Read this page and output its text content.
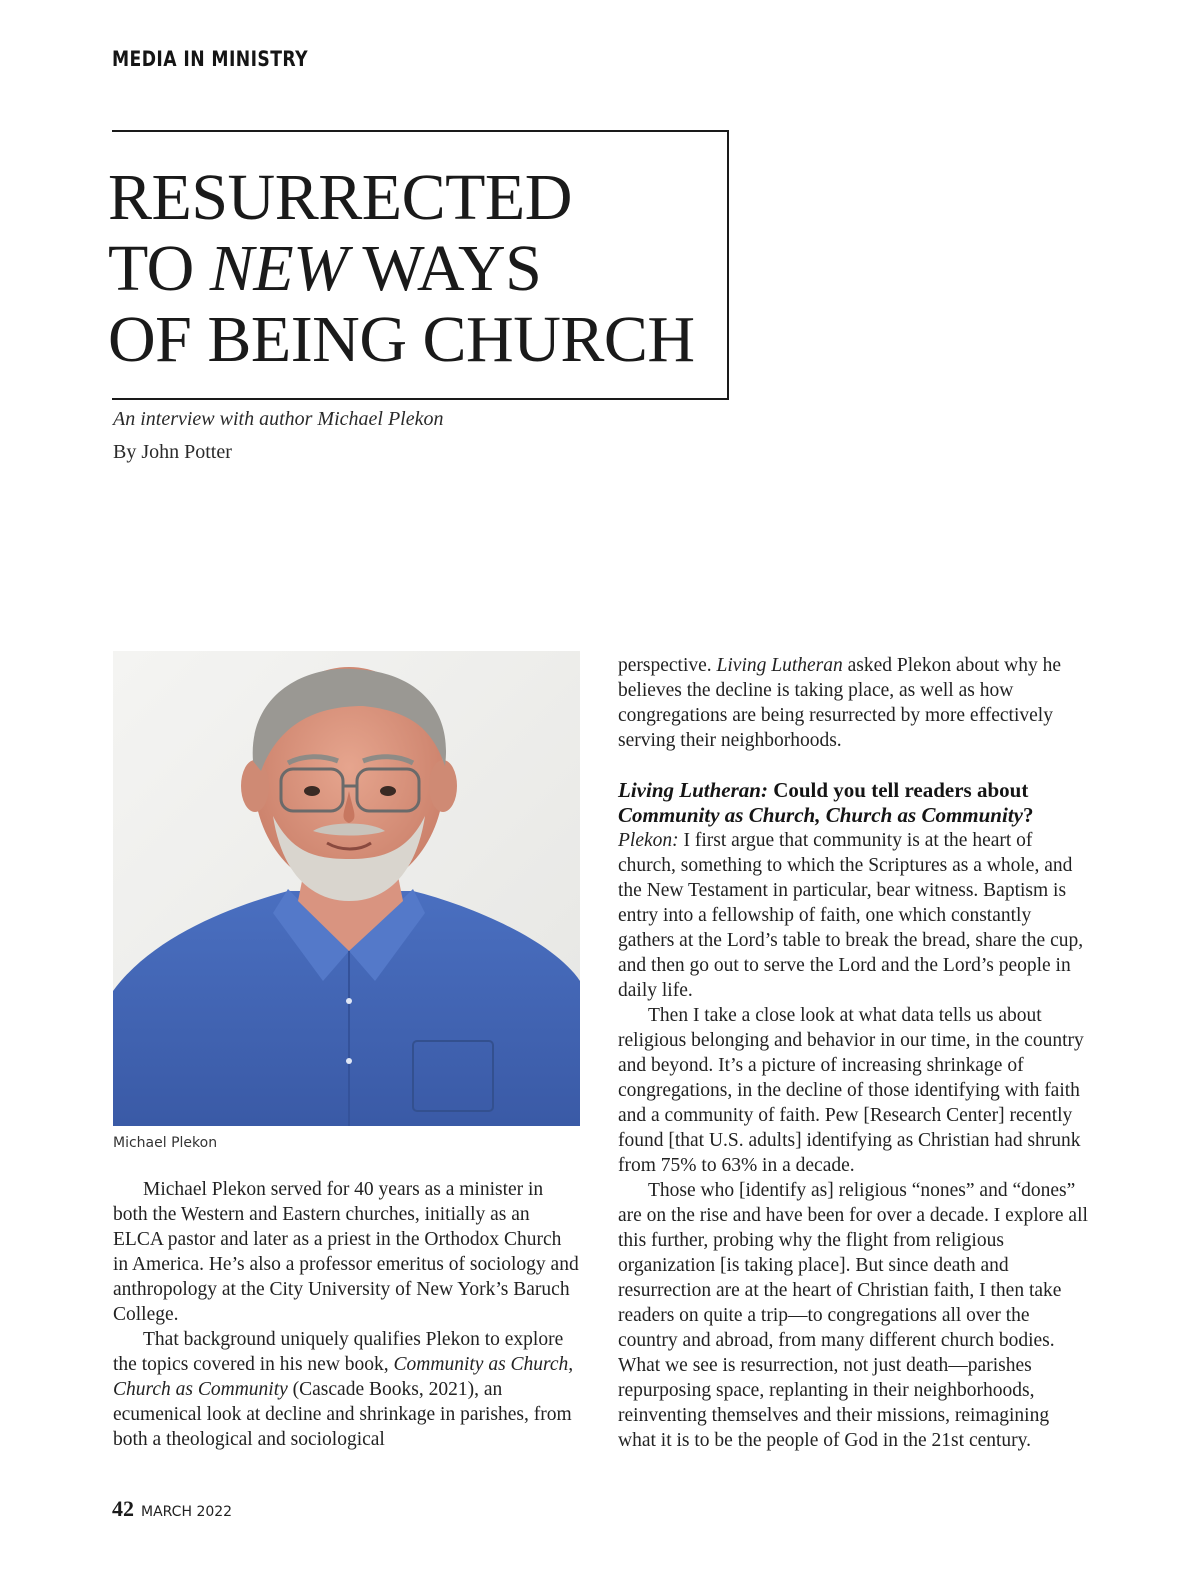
MEDIA IN MINISTRY
RESURRECTED
TO NEW WAYS
OF BEING CHURCH
An interview with author Michael Plekon
By John Potter
Michael Plekon

Michael Plekon served for 40 years as a minister in both the Western and Eastern churches, initially as an ELCA pastor and later as a priest in the Orthodox Church in America. He’s also a professor emeritus of sociology and anthropology at the City University of New York’s Baruch College.

That background uniquely qualifies Plekon to explore the topics covered in his new book, Community as Church, Church as Community (Cascade Books, 2021), an ecumenical look at decline and shrinkage in parishes, from both a theological and sociological

perspective. Living Lutheran asked Plekon about why he believes the decline is taking place, as well as how congregations are being resurrected by more effectively serving their neighborhoods.

Living Lutheran: Could you tell readers about Community as Church, Church as Community?

Plekon: I first argue that community is at the heart of church, something to which the Scriptures as a whole, and the New Testament in particular, bear witness. Baptism is entry into a fellowship of faith, one which constantly gathers at the Lord’s table to break the bread, share the cup, and then go out to serve the Lord and the Lord’s people in daily life.

Then I take a close look at what data tells us about religious belonging and behavior in our time, in the country and beyond. It’s a picture of increasing shrinkage of congregations, in the decline of those identifying with faith and a community of faith. Pew [Research Center] recently found [that U.S. adults] identifying as Christian had shrunk from 75% to 63% in a decade.

Those who [identify as] religious “nones” and “dones” are on the rise and have been for over a decade. I explore all this further, probing why the flight from religious organization [is taking place]. But since death and resurrection are at the heart of Christian faith, I then take readers on quite a trip—to congregations all over the country and abroad, from many different church bodies. What we see is resurrection, not just death—parishes repurposing space, replanting in their neighborhoods, reinventing themselves and their missions, reimagining what it is to be the people of God in the 21st century.

42 MARCH 2022
